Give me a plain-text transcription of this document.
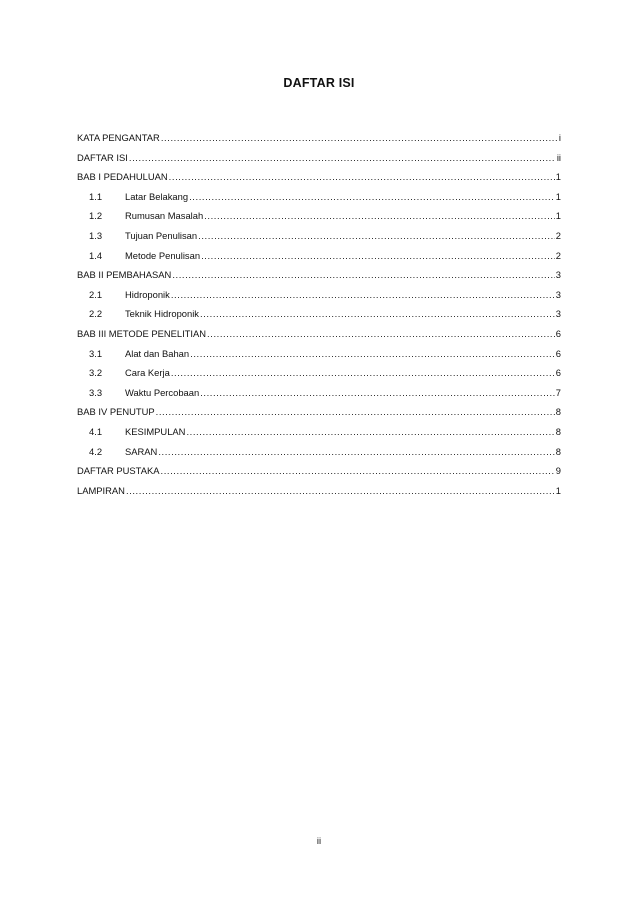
DAFTAR ISI
KATA PENGANTAR .....	i
DAFTAR ISI .....	ii
BAB I PEDAHULUAN .....	1
1.1	Latar Belakang .....	1
1.2	Rumusan Masalah .....	1
1.3	Tujuan Penulisan .....	2
1.4	Metode Penulisan .....	2
BAB II PEMBAHASAN .....	3
2.1	Hidroponik .....	3
2.2	Teknik Hidroponik .....	3
BAB III METODE PENELITIAN .....	6
3.1	Alat dan Bahan .....	6
3.2	Cara Kerja .....	6
3.3	Waktu Percobaan .....	7
BAB IV PENUTUP .....	8
4.1	KESIMPULAN .....	8
4.2	SARAN .....	8
DAFTAR PUSTAKA .....	9
LAMPIRAN .....	1
ii
